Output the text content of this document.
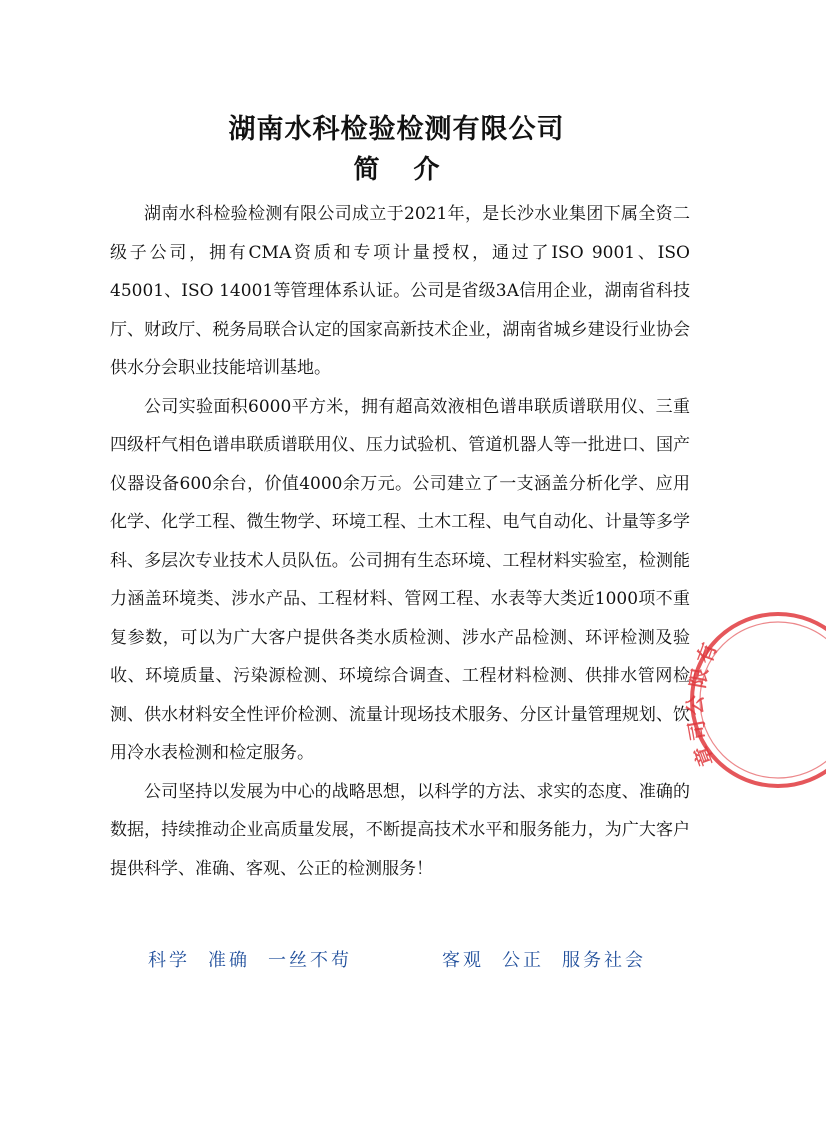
湖南水科检验检测有限公司
简 介

湖南水科检验检测有限公司成立于2021年，是长沙水业集团下属全资二级子公司，拥有CMA资质和专项计量授权，通过了ISO 9001、ISO 45001、ISO 14001等管理体系认证。公司是省级3A信用企业，湖南省科技厅、财政厅、税务局联合认定的国家高新技术企业，湖南省城乡建设行业协会供水分会职业技能培训基地。

公司实验面积6000平方米，拥有超高效液相色谱串联质谱联用仪、三重四级杆气相色谱串联质谱联用仪、压力试验机、管道机器人等一批进口、国产仪器设备600余台，价值4000余万元。公司建立了一支涵盖分析化学、应用化学、化学工程、微生物学、环境工程、土木工程、电气自动化、计量等多学科、多层次专业技术人员队伍。公司拥有生态环境、工程材料实验室，检测能力涵盖环境类、涉水产品、工程材料、管网工程、水表等大类近1000项不重复参数，可以为广大客户提供各类水质检测、涉水产品检测、环评检测及验收、环境质量、污染源检测、环境综合调查、工程材料检测、供排水管网检测、供水材料安全性评价检测、流量计现场技术服务、分区计量管理规划、饮用冷水表检测和检定服务。

公司坚持以发展为中心的战略思想，以科学的方法、求实的态度、准确的数据，持续推动企业高质量发展，不断提高技术水平和服务能力，为广大客户提供科学、准确、客观、公正的检测服务！

有
限
公
司
章
科学 准确 一丝不苟	客观 公正 服务社会
